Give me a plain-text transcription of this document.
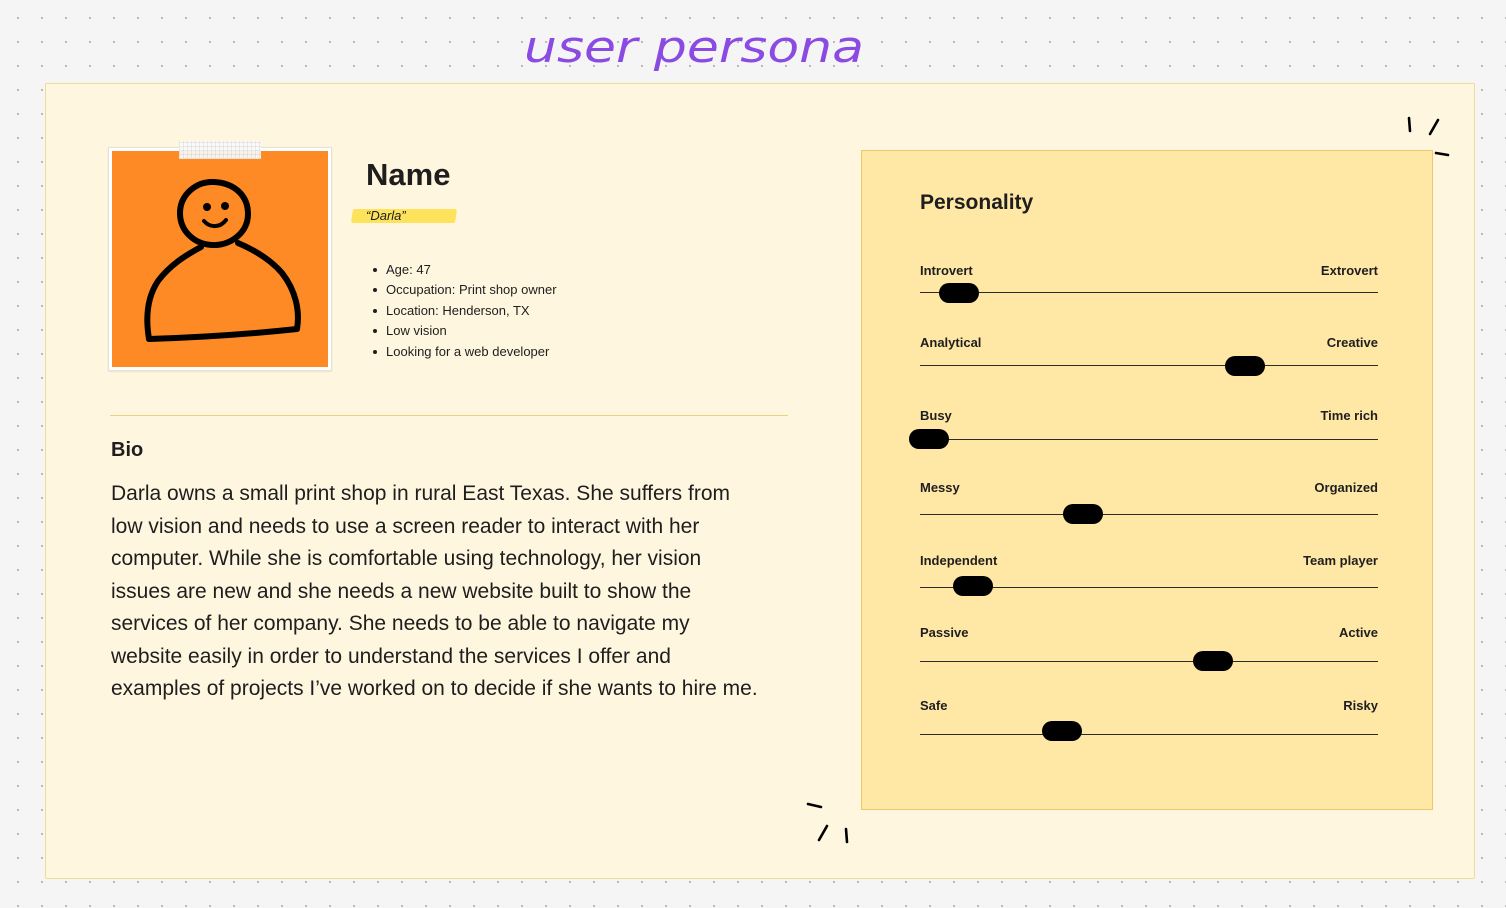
user persona
Name
“Darla”
Age: 47
Occupation: Print shop owner
Location: Henderson, TX
Low vision
Looking for a web developer
Bio

Darla owns a small print shop in rural East Texas. She suffers from low vision and needs to use a screen reader to interact with her computer. While she is comfortable using technology, her vision issues are new and she needs a new website built to show the services of her company. She needs to be able to navigate my website easily in order to understand the services I offer and examples of projects I’ve worked on to decide if she wants to hire me.

Personality
Introvert	Extrovert
Analytical	Creative
Busy	Time rich
Messy	Organized
Independent	Team player
Passive	Active
Safe	Risky
